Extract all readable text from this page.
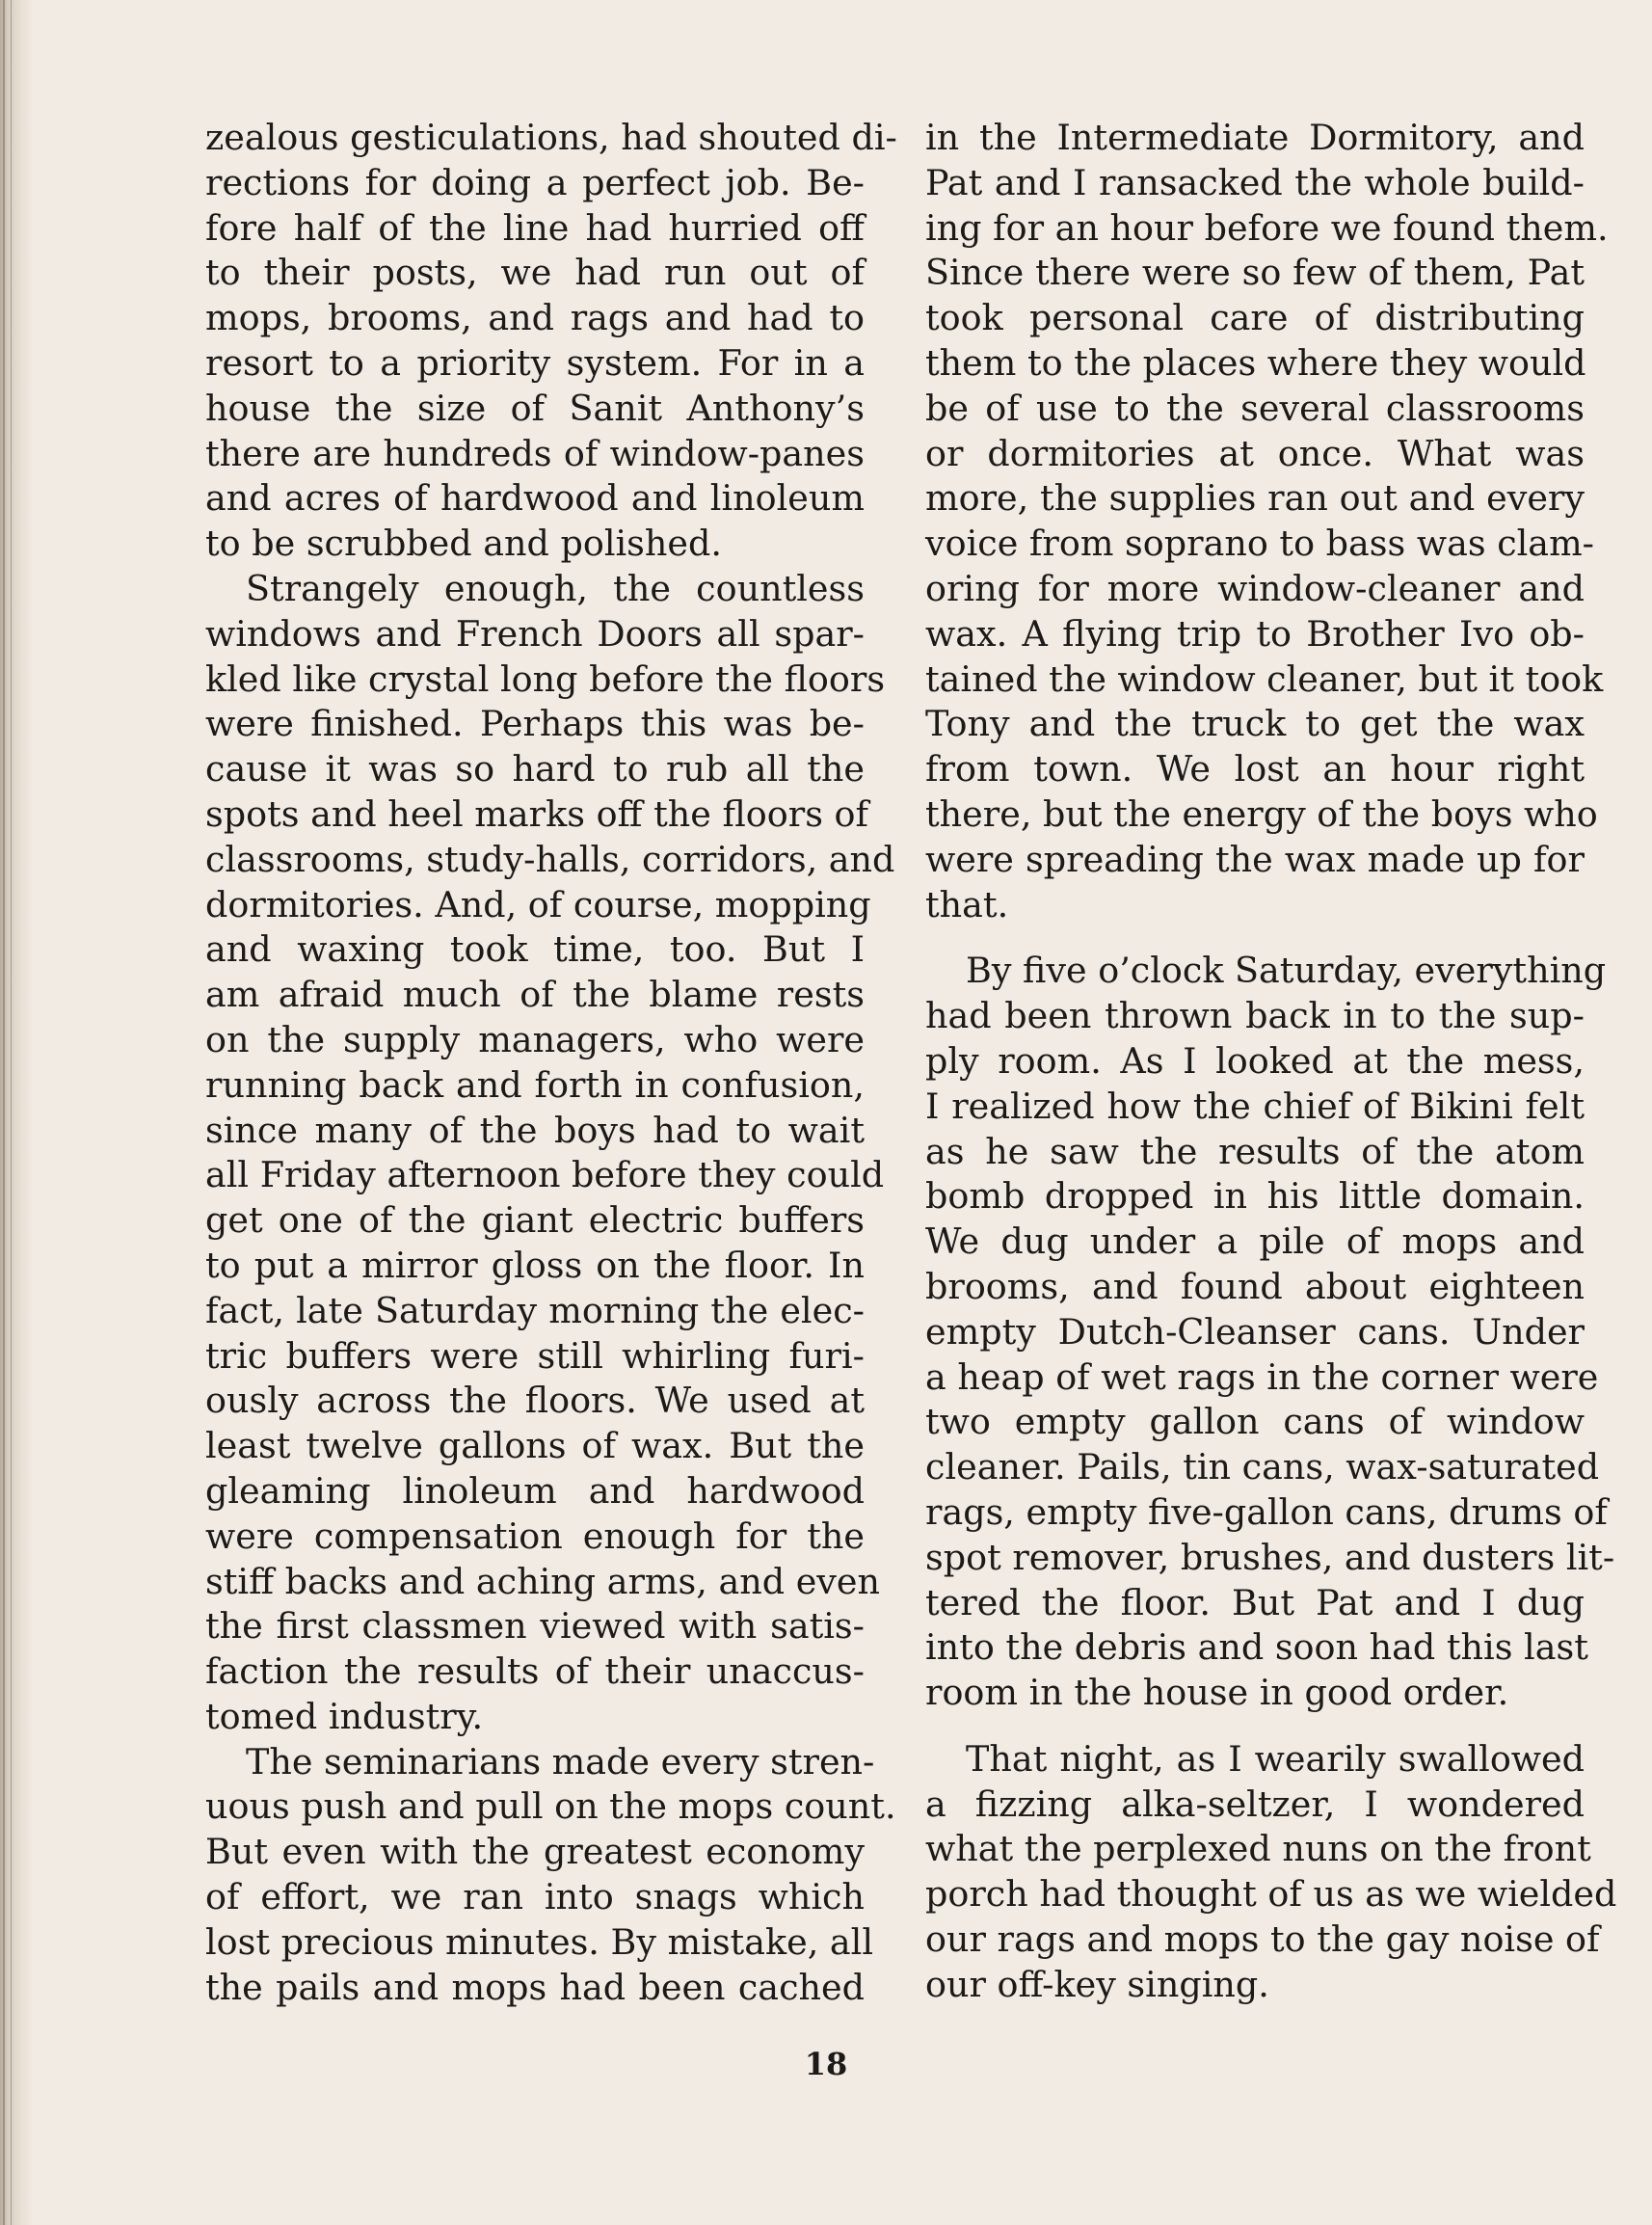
zealous gesticulations, had shouted di-
rections for doing a perfect job. Be-
fore half of the line had hurried off
to their posts, we had run out of
mops, brooms, and rags and had to
resort to a priority system. For in a
house the size of Sanit Anthony’s
there are hundreds of window-panes
and acres of hardwood and linoleum
to be scrubbed and polished.
Strangely enough, the countless
windows and French Doors all spar-
kled like crystal long before the floors
were finished. Perhaps this was be-
cause it was so hard to rub all the
spots and heel marks off the floors of
classrooms, study-halls, corridors, and
dormitories. And, of course, mopping
and waxing took time, too. But I
am afraid much of the blame rests
on the supply managers, who were
running back and forth in confusion,
since many of the boys had to wait
all Friday afternoon before they could
get one of the giant electric buffers
to put a mirror gloss on the floor. In
fact, late Saturday morning the elec-
tric buffers were still whirling furi-
ously across the floors. We used at
least twelve gallons of wax. But the
gleaming linoleum and hardwood
were compensation enough for the
stiff backs and aching arms, and even
the first classmen viewed with satis-
faction the results of their unaccus-
tomed industry.
The seminarians made every stren-
uous push and pull on the mops count.
But even with the greatest economy
of effort, we ran into snags which
lost precious minutes. By mistake, all
the pails and mops had been cached
in the Intermediate Dormitory, and
Pat and I ransacked the whole build-
ing for an hour before we found them.
Since there were so few of them, Pat
took personal care of distributing
them to the places where they would
be of use to the several classrooms
or dormitories at once. What was
more, the supplies ran out and every
voice from soprano to bass was clam-
oring for more window-cleaner and
wax. A flying trip to Brother Ivo ob-
tained the window cleaner, but it took
Tony and the truck to get the wax
from town. We lost an hour right
there, but the energy of the boys who
were spreading the wax made up for
that.
By five o’clock Saturday, everything
had been thrown back in to the sup-
ply room. As I looked at the mess,
I realized how the chief of Bikini felt
as he saw the results of the atom
bomb dropped in his little domain.
We dug under a pile of mops and
brooms, and found about eighteen
empty Dutch-Cleanser cans. Under
a heap of wet rags in the corner were
two empty gallon cans of window
cleaner. Pails, tin cans, wax-saturated
rags, empty five-gallon cans, drums of
spot remover, brushes, and dusters lit-
tered the floor. But Pat and I dug
into the debris and soon had this last
room in the house in good order.
That night, as I wearily swallowed
a fizzing alka-seltzer, I wondered
what the perplexed nuns on the front
porch had thought of us as we wielded
our rags and mops to the gay noise of
our off-key singing.
18
